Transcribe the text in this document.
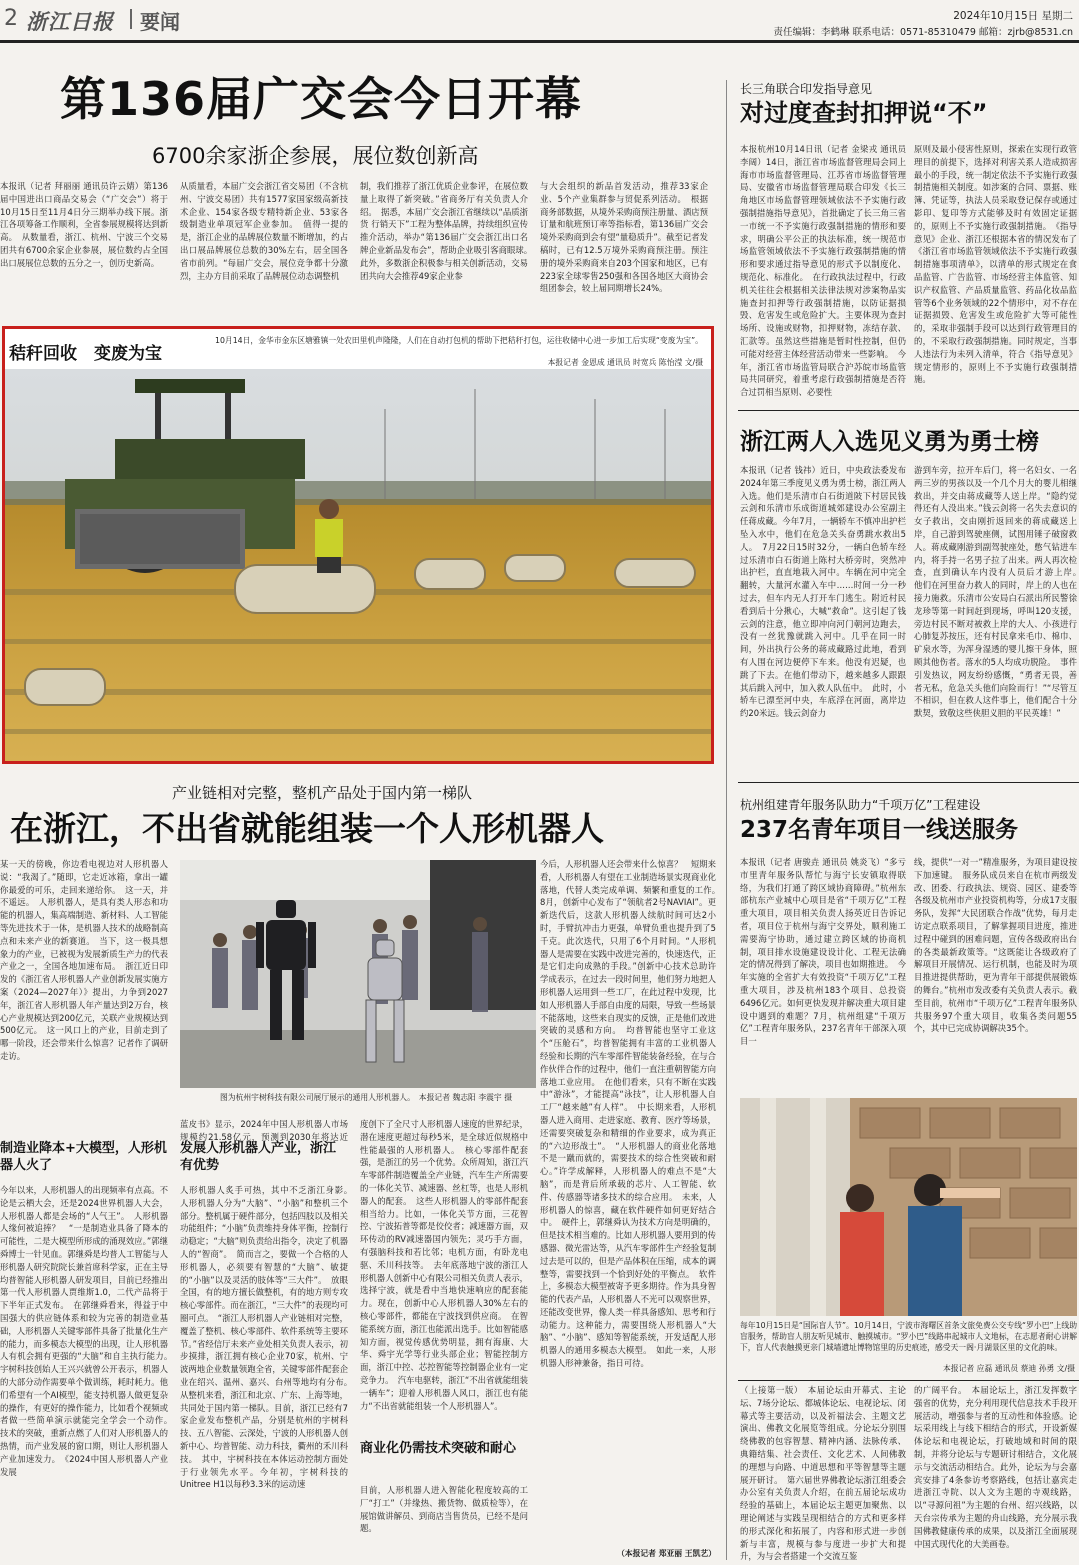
2 浙江日报 要闻	2024年10月15日 星期二
责任编辑：李鹤琳 联系电话：0571-85310479 邮箱：zjrb@8531.cn
第136届广交会今日开幕
6700余家浙企参展，展位数创新高
本报讯（记者 拜丽丽 通讯员许云婧）第136届中国进出口商品交易会（“广交会”）将于10月15日至11月4日分三期举办线下展。浙江各项筹备工作顺利，全省参展规模将达到新高。　从数量看，浙江、杭州、宁波三个交易团共有6700余家企业参展，展位数约占全国出口展展位总数的五分之一，创历史新高。
从质量看，本届广交会浙江省交易团（不含杭州、宁波交易团）共有1577家国家级高新技术企业、154家各级专精特新企业、53家各级制造业单项冠军企业参加。　值得一提的是，浙江企业的品牌展位数量不断增加，约占出口展品牌展位总数的30%左右，居全国各省市前列。“每届广交会，展位竞争都十分激烈，主办方目前采取了品牌展位动态调整机
制，我们推荐了浙江优质企业参评，在展位数量上取得了新突破。”省商务厅有关负责人介绍。　据悉，本届广交会浙江省继续以“品质浙货 行销天下”工程为整体品牌，持续组织宣传推介活动，举办“第136届广交会浙江出口名牌企业新品发布会”，帮助企业吸引客商眼球。　此外，多数浙企积极参与相关创新活动，交易团共向大会推荐49家企业参
与大会组织的新品首发活动，推荐33家企业、5个产业集群参与贸促系列活动。　根据商务部数据，从境外采购商预注册量、酒店预订量和航班预订率等指标看，第136届广交会境外采购商到会有望“量稳质升”。截至记者发稿时，已有12.5万境外采购商预注册。预注册的境外采购商来自203个国家和地区，已有223家全球零售250强和各国各地区大商协会组团参会，较上届同期增长24%。
秸秆回收　变废为宝
10月14日，金华市金东区塘雅镇一处农田里机声隆隆，人们在自动打包机的帮助下把秸秆打包，运往收储中心进一步加工后实现“变废为宝”。
本报记者 金恩成 通讯员 时宽兵 陈怡滢 文/摄
长三角联合印发指导意见
对过度查封扣押说“不”
本报杭州10月14日讯（记者 金梁戎 通讯员 李阔）14日，浙江省市场监督管理局会同上海市市场监督管理局、江苏省市场监督管理局、安徽省市场监督管理局联合印发《长三角地区市场监督管理领域依法不予实施行政强制措施指导意见》，首批确定了长三角三省一市统一不予实施行政强制措施的情形和要求，明确公平公正的执法标准，统一规范市场监管领域依法不予实施行政强制措施的情形和要求通过指导意见的形式予以制度化、规范化、标准化。　在行政执法过程中，行政机关往往会根据相关法律法规对涉案物品实施查封扣押等行政强制措施，以防证据损毁、危害发生或危险扩大。主要体现为查封场所、设施或财物，扣押财物，冻结存款、汇款等。虽然这些措施是暂时性控制，但仍可能对经营主体经营活动带来一些影响。　今年，浙江省市场监管局联合沪苏皖市场监管局共同研究，着重考虑行政强制措施是否符合过罚相当原则、必要性
原则及最小侵害性原则，探索在实现行政管理目的前提下，选择对利害关系人造成损害最小的手段，统一制定依法不予实施行政强制措施相关制度。如涉案的合同、票据、账簿、凭证等，执法人员采取登记保存或通过影印、复印等方式能够及时有效固定证据的，原则上不予实施行政强制措施。　《指导意见》企业、浙江还根据本省的情况发布了《浙江省市场监管领域依法不予实施行政强制措施事项清单》，以清单的形式规定在食品监管、广告监管、市场经营主体监管、知识产权监管、产品质量监管、药品化妆品监管等6个业务领域的22个情形中，对不存在证据损毁、危害发生或危险扩大等可能性的，采取非强制手段可以达到行政管理目的的，不采取行政强制措施。同时规定，当事人违法行为未列入清单，符合《指导意见》规定情形的，原则上不予实施行政强制措施。
浙江两人入选见义勇为勇士榜
本报讯（记者 钱祎）近日，中央政法委发布2024年第三季度见义勇为勇士榜，浙江两人入选。他们是乐清市白石街道陂下村居民钱云剑和乐清市乐成街道城郊建设办公室副主任蒋成藏。今年7月，一辆轿车不慎冲出护栏坠入水中，他们在危急关头奋勇跳水救出5人。　7月22日15时32分，一辆白色轿车经过乐清市白石街道上陈村大桥旁时，突然冲出护栏，直直地栽入河中。车辆在河中完全翻转，大量河水灌入车中……时间一分一秒过去，但车内无人打开车门逃生。附近村民看到后十分揪心，大喊“救命”。这引起了钱云剑的注意，他立即冲向河门朝河边跑去，没有一丝犹豫就跳入河中。几乎在同一时间，外出执行公务的蒋成藏路过此地，看到有人围在河边便停下车来。他没有迟疑，也跳了下去。在他们带动下，越来越多人跟跟其后跳入河中，加入救人队伍中。　此时，小轿车已漂至河中央，车底浮在河面，离岸边约20米远。钱云剑奋力
游到车旁，拉开车后门，将一名妇女、一名两三岁的男孩以及一个几个月大的婴儿相继救出，并交由蒋成藏等人送上岸。“隐约觉得还有人没出来。”钱云剑将一名失去意识的女子救出，交由刚折返回来的蒋成藏送上岸，自己游到驾驶座侧，试图用锤子破窗救人。蒋成藏刚游到副驾驶座处，憋气钻进车内，将手持一名男子拉了出来。两人再次检查，直到确认车内没有人员后才游上岸。　他们在河里奋力救人的同时，岸上的人也在接力施救。乐清市公安局白石派出所民警徐龙珍等第一时间赶到现场，呼叫120支援，旁边村民不断对被救上岸的大人、小孩进行心肺复苏按压，还有村民拿来毛巾、棉巾、矿泉水等，为浑身湿透的婴儿擦干身体，照顾其他伤者。落水的5人均成功脱险。　事件引发热议，网友纷纷感慨，“勇者无畏，善者无私，危急关头他们向险而行！”“尽管互不相识，但在救人这件事上，他们配合十分默契，致敬这些侠胆义胆的平民英雄！”
杭州组建青年服务队助力“千项万亿”工程建设
237名青年项目一线送服务
本报讯（记者 唐骏垚 通讯员 姚炎飞）“多亏市里青年服务队帮忙与海宁长安镇取得联络，为我们打通了跨区域协商障碍。”杭州东部杭东产业城中心项目是省“千项万亿”工程重大项目，项目相关负责人扬英近日告诉记者，项目位于杭州与海宁交界处，顺利施工需要海宁协助，通过建立跨区域的协商机制，项目排水设施建设设计化、工程无法确定的情况得到了解决，项目也如期推进。　今年实施的全省扩大有效投资“千项万亿”工程重大项目，涉及杭州183个项目、总投资6496亿元。如何更快发现并解决重大项目建设中遇到的难题？7月，杭州组建“千项万亿”工程青年服务队，237名青年干部深入项目一
线，提供“一对一”精准服务，为项目建设按下加速键。　服务队成员来自在杭市两级发改、团委、行政执法、规资、园区、建委等各级及杭州市产业投资机构等，分成17支服务队，发挥“大民团联合作战”优势，每月走访定点联系项目，了解掌握项目进度，推进过程中碰到的困难问题，宣传各级政府出台的各类最新政策等。“这既能让各级政府了解项目开展情况、运行机制，也能及时为项目推进提供帮助，更为青年干部提供展锻炼的舞台。”杭州市发改委有关负责人表示。截至目前，杭州市“千项万亿”工程青年服务队共服务97个重大项目，收集各类问题55个，其中已完成协调解决35个。
每年10月15日是“国际盲人节”。10月14日，宁波市海曙区首条文旅免费公交专线“罗小巴”上线助盲服务，帮助盲人朋友听见城市、触摸城市。“罗小巴”线路串起城市人文地标，在志愿者耐心讲解下，盲人代表触摸更亲门城墙遗址博物馆里的历史痕迹，感受天一阁·月湖景区里的文化韵味。
本报记者 应磊 通讯员 蔡迪 孙勇 文/摄
（上接第一版）　本届论坛由开幕式、主论坛、7场分论坛、都城体论坛、电视论坛、闭幕式等主要活动，以及祈福法会、主题文艺演出、佛教文化展览等组成。分论坛分别围绕佛教的包容智慧、精神内涵、法脉传承、典籍结集、社会责任、文化艺术、人间佛教的理想与向路、中道思想和平等智慧等主题展开研讨。　第六届世界佛教论坛浙江组委会办公室有关负责人介绍，在前五届论坛成功经验的基础上，本届论坛主题更加聚焦、以理论阐述与实践呈现相结合的方式和更多样的形式深化和拓展了，内容和形式进一步创新与丰富，规模与参与度进一步扩大和提升，为与会者搭建一个交流互鉴
的广阔平台。　本届论坛上，浙江发挥数字强省的优势，充分利用现代信息技术手段开展活动，增强参与者的互动性和体验感。论坛采用线上与线下相结合的形式，开设新媒体论坛和电视论坛，打破地域和时间的限制，并将分论坛与专题研讨相结合，文化展示与交流活动相结合。此外，论坛为与会嘉宾安排了4条参访考察路线，包括让嘉宾走进浙江寺院、以人文为主题的寺观线路，以“寻源问祖”为主题的台州、绍兴线路，以天台宗传承为主题的舟山线路，充分展示我国佛教健康传承的成果，以及浙江全面展现中国式现代化的大美画卷。
产业链相对完整，整机产品处于国内第一梯队
在浙江，不出省就能组装一个人形机器人
某一天的傍晚，你边看电视边对人形机器人说：“我渴了。”随即，它走近冰箱，拿出一罐你最爱的可乐，走回来递给你。　这一天，并不遥远。　人形机器人，是具有类人形态和功能的机器人，集高端制造、新材料、人工智能等先进技术于一体，是机器人技术的战略制高点和未来产业的新赛道。　当下，这一极具想象力的产业，已被视为发展新质生产力的代表产业之一，全国各地加速布局。　浙江近日印发的《浙江省人形机器人产业创新发展实施方案（2024—2027年）》提出，力争到2027年，浙江省人形机器人年产量达到2万台，核心产业规模达到200亿元，关联产业规模达到500亿元。　这一风口上的产业，目前走到了哪一阶段，还会带来什么惊喜？记者作了调研走访。
制造业降本+大模型，人形机器人火了
今年以来，人形机器人的出现频率有点高。不论是云栖大会，还是2024世界机器人大会，人形机器人都是会场的“人气王”。　人形机器人缘何被追捧？　“一是制造业具备了降本的可能性，二是大模型所形成的涌现效应。”郭继舜博士一针见血。郭继舜是均普人工智能与人形机器人研究院院长兼首席科学家，正在主导均普智能人形机器人研发项目，目前已经推出第一代人形机器人贾维斯1.0，二代产品将于下半年正式发布。　在郭继舜看来，得益于中国强大的供应链体系和较为完善的制造业基础，人形机器人关键零部件具备了批量化生产的能力，而多模态大模型的出现，让人形机器人有机会拥有更强的“大脑”和自主执行能力。　宇树科技创始人王兴兴就曾公开表示，机器人的大部分动作需要单个做训练，耗时耗力。他们希望有一个AI模型，能支持机器人做更复杂的操作，有更好的操作能力，比如看个视频或者做一些简单演示就能完全学会一个动作。　技术的突破，重新点燃了人们对人形机器人的热情，而产业发展的窗口期，则让人形机器人产业加速发力。　《2024中国人形机器人产业发展
图为杭州宇树科技有限公司展厅展示的通用人形机器人。　本报记者 魏志阳 李震宇 摄
蓝皮书》显示，2024年中国人形机器人市场规模约21.58亿元，预测到2030年将达近
发展人形机器人产业，浙江有优势
人形机器人炙手可热，其中不乏浙江身影。　人形机器人分为“大脑”、“小脑”和整机三个部分。整机属于硬件部分，包括四肢以及相关功能组件；“小脑”负责维持身体平衡，控制行动稳定；“大脑”则负责给出指令，决定了机器人的“智商”。　简而言之，要做一个合格的人形机器人，必须要有智慧的“大脑”、敏捷的“小脑”以及灵活的肢体等“三大件”。　放眼全国，有的地方擅长做整机，有的地方则专攻核心零部件。而在浙江，“三大件”的表现均可圈可点。　“浙江人形机器人产业链相对完整，覆盖了整机、核心零部件、软件系统等主要环节。”省经信厅未来产业处相关负责人表示，初步摸排，浙江拥有核心企业70家，杭州、宁波两地企业数量领跑全省，关键零部件配套企业在绍兴、温州、嘉兴、台州等地均有分布。　从整机来看，浙江和北京、广东、上海等地，共同处于国内第一梯队。目前，浙江已经有7家企业发布整机产品，分别是杭州的宇树科技、五八智能、云深处，宁波的人形机器人创新中心、均普智能、动力科技，衢州的禾川科技。　其中，宇树科技在本体运动控制方面处于行业领先水平。今年初，宇树科技的Unitree H1以每秒3.3米的运动速
度创下了全尺寸人形机器人速度的世界纪录，潜在速度更超过每秒5米，是全球近似规格中性能最强的人形机器人。　核心零部件配套强，是浙江的另一个优势。众所周知，浙江汽车零部件制造覆盖全产业链，汽车生产所需要的一体化关节、减速器、丝杠等，也是人形机器人的配套。　这些人形机器人的零部件配套相当给力。比如，一体化关节方面，三花智控、宁波拓普等都是佼佼者；减速器方面，双环传动的RV减速器国内领先；灵巧手方面，有强脑科技和若比邻；电机方面，有卧龙电驱、禾川科技等。　去年底落地宁波的浙江人形机器人创新中心有限公司相关负责人表示，选择宁波，就是看中当地快速响应的配套能力。现在，创新中心人形机器人30%左右的核心零部件，都能在宁波找到供应商。　在智能系统方面，浙江也能派出选手。比如智能感知方面，视觉传感优势明显，拥有海康、大华、舜宇光学等行业头部企业；智能控制方面，浙江中控、芯控智能等控制器企业有一定竞争力。　汽车电驱转，浙江“不出省就能组装一辆车”；迎着人形机器人风口，浙江也有能力“不出省就能组装一个人形机器人”。
商业化仍需技术突破和耐心
目前，人形机器人进入智能化程度较高的工厂“打工”（并缘热、搬货物、做质检等），在展馆做讲解员、到商店当售货员，已经不是问题。
今后，人形机器人还会带来什么惊喜？　短期来看，人形机器人有望在工业制造场景实现商业化落地，代替人类完成单调、频繁和重复的工作。　8月，创新中心发布了“领航者2号NAVIAI”。更新迭代后，这款人形机器人续航时间可达2小时，手臂抗冲击力更强，单臂负重也提升到了5千克。此次迭代，只用了6个月时间。“人形机器人是需要在实践中改进完善的，快速迭代，正是它们走向成熟的手段。”创新中心技术总助许学成表示，在过去一段时间里，他们努力地把人形机器人运用到一些工厂，在此过程中发现，比如人形机器人手部自由度的局限，导致一些场景不能落地，这些来自现实的反馈，正是他们改进突破的灵感和方向。　均普智能也坚守工业这个“压舱石”，均普智能拥有丰富的工业机器人经验和长期的汽车零部件智能装备经验，在与合作伙伴合作的过程中，他们一直注重朝智能方向落地工业应用。　在他们看来，只有不断在实践中“游泳”，才能提高“泳技”，让人形机器人自工厂“越来越”有人样”。　中长期来看，人形机器人进入商用、走进家庭、教育、医疗等场景，还需要突破复杂和精细的作业要求，成为真正的“六边形战士”。　“人形机器人的商业化落地不是一蹴而就的，需要技术的综合性突破和耐心。”许学成解释，人形机器人的难点不是“大脑”，而是背后所承载的芯片、人工智能、软件、传感器等诸多技术的综合应用。　未来，人形机器人的惊喜，藏在软件硬件如何更好结合中。　硬件上，郭继舜认为技术方向是明确的，但是技术相当难的。比如人形机器人要用到的传感器、微光雷达等，从汽车零部件生产经验复制过去是可以的，但是产品体积在压缩，成本的调整等，需要找到一个恰到好处的平衡点。　软件上，多模态大模型被寄予更多期待。作为具身智能的代表产品，人形机器人不光可以观察世界，还能改变世界，像人类一样具备感知、思考和行动能力。这种能力，需要围绕人形机器人“大脑”、“小脑”、感知等智能系统，开发适配人形机器人的通用多模态大模型。　如此一来，人形机器人形神兼备，指日可待。
（本报记者 郑亚丽 王凯艺）
